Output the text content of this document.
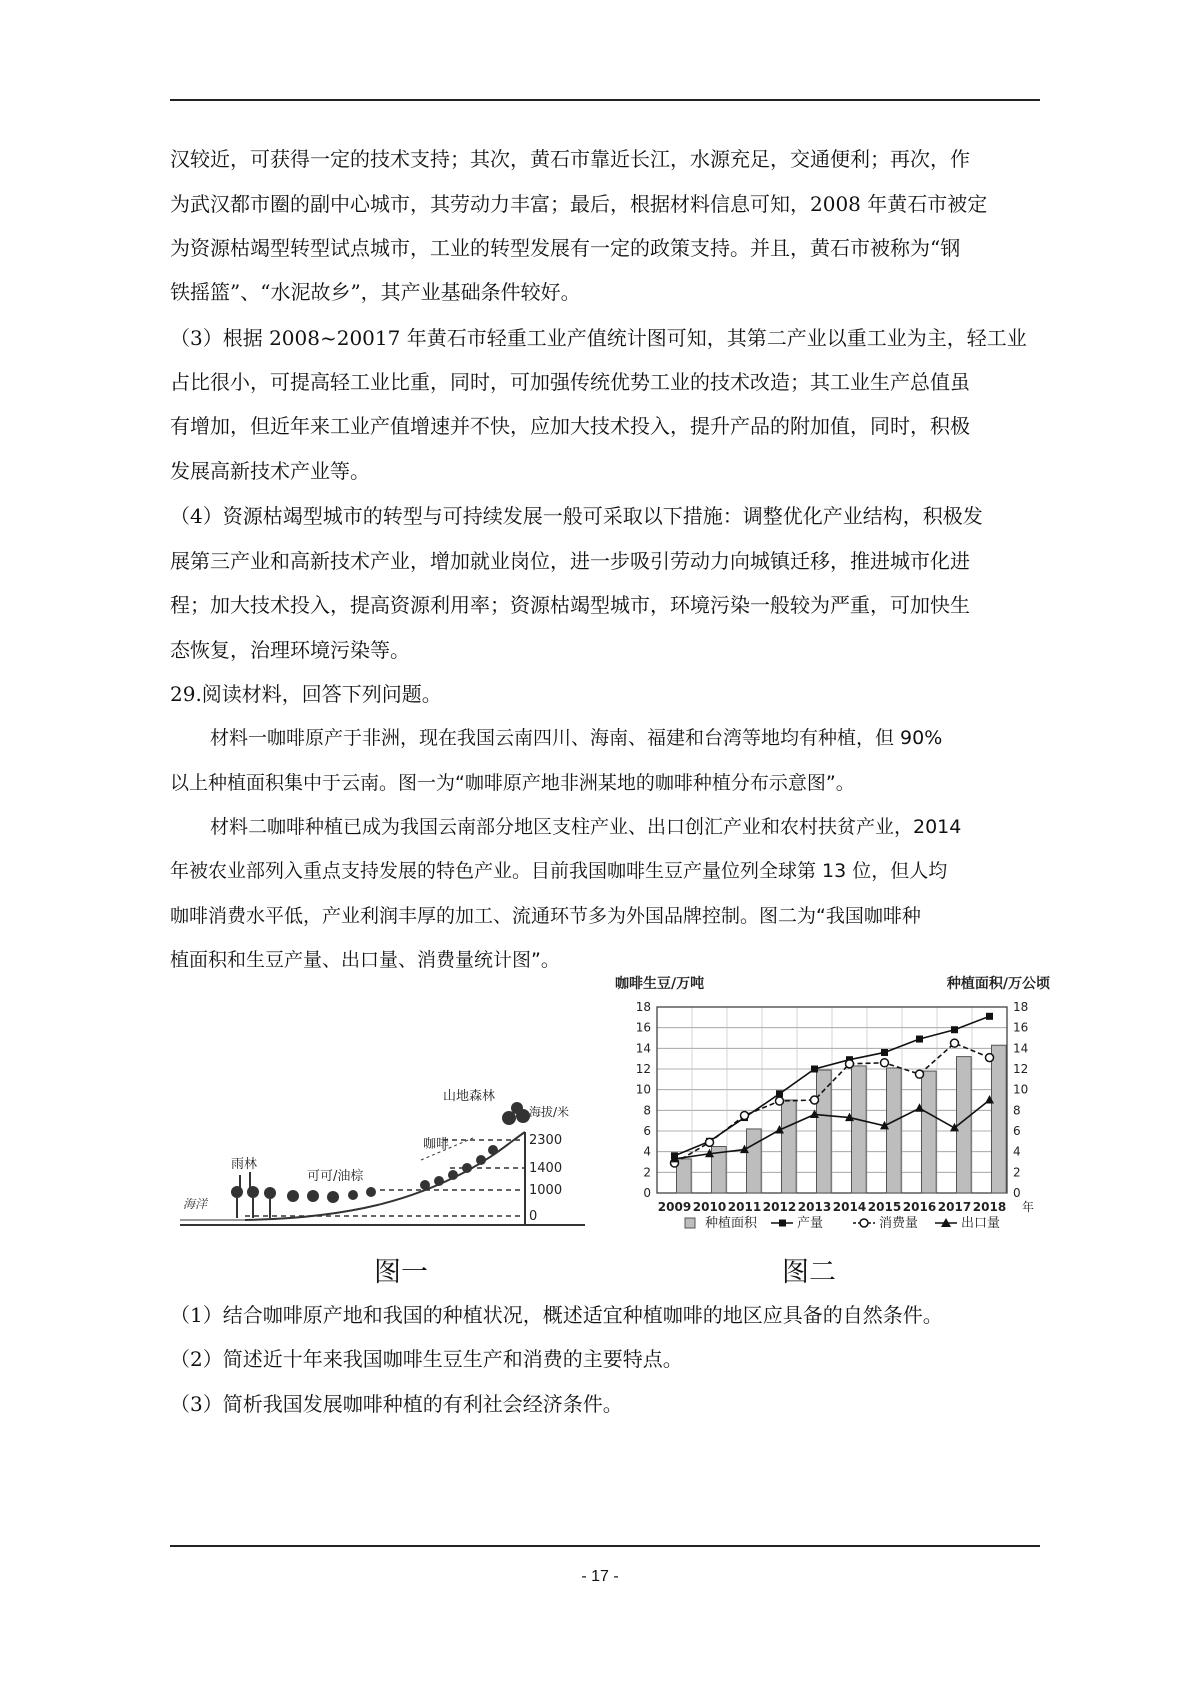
汉较近，可获得一定的技术支持；其次，黄石市靠近长江，水源充足，交通便利；再次，作
为武汉都市圈的副中心城市，其劳动力丰富；最后，根据材料信息可知，2008 年黄石市被定
为资源枯竭型转型试点城市，工业的转型发展有一定的政策支持。并且，黄石市被称为“钢
铁摇篮”、“水泥故乡”，其产业基础条件较好。
（3）根据 2008~20017 年黄石市轻重工业产值统计图可知，其第二产业以重工业为主，轻工业
占比很小，可提高轻工业比重，同时，可加强传统优势工业的技术改造；其工业生产总值虽
有增加，但近年来工业产值增速并不快，应加大技术投入，提升产品的附加值，同时，积极
发展高新技术产业等。
（4）资源枯竭型城市的转型与可持续发展一般可采取以下措施：调整优化产业结构，积极发
展第三产业和高新技术产业，增加就业岗位，进一步吸引劳动力向城镇迁移，推进城市化进
程；加大技术投入，提高资源利用率；资源枯竭型城市，环境污染一般较为严重，可加快生
态恢复，治理环境污染等。
29.阅读材料，回答下列问题。
材料一咖啡原产于非洲，现在我国云南四川、海南、福建和台湾等地均有种植，但 90%
以上种植面积集中于云南。图一为“咖啡原产地非洲某地的咖啡种植分布示意图”。
材料二咖啡种植已成为我国云南部分地区支柱产业、出口创汇产业和农村扶贫产业，2014
年被农业部列入重点支持发展的特色产业。目前我国咖啡生豆产量位列全球第 13 位，但人均
咖啡消费水平低，产业利润丰厚的加工、流通环节多为外国品牌控制。图二为“我国咖啡种
植面积和生豆产量、出口量、消费量统计图”。
海洋
雨林
可可/油棕
咖啡
山地森林
海拔/米
2300
1400
1000
0
图一
咖啡生豆/万吨	种植面积/万公顷
0	0
2	2
4	4
6	6
8	8
10	10
12	12
14	14
16	16
18	18
2009 2010 2011 2012 2013 2014 2015 2016 2017 2018 年
种植面积	产量	消费量	出口量
图二
（1）结合咖啡原产地和我国的种植状况，概述适宜种植咖啡的地区应具备的自然条件。
（2）简述近十年来我国咖啡生豆生产和消费的主要特点。
（3）简析我国发展咖啡种植的有利社会经济条件。
- 17 -
